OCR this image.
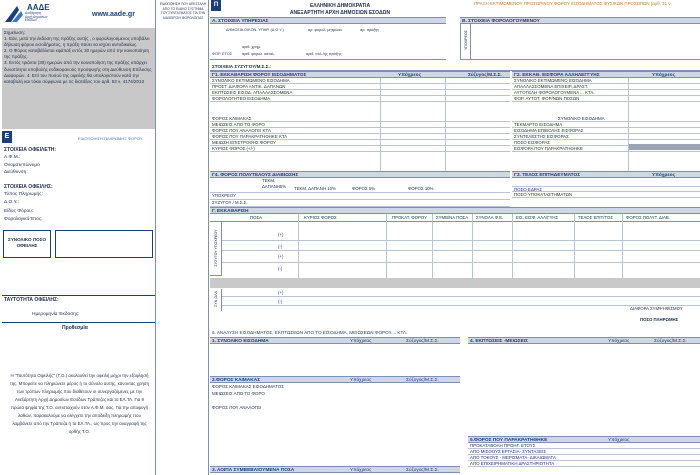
ΑΑΔΕ
Ανεξάρτητη Αρχή Δημοσίων Εσόδων
www.aade.gr
Σημείωση:
1. Εάν, μετά την έκδοση της πράξης αυτής , ο φορολογούμενος υποβάλει δήλωση φόρου εισοδήματος, η πράξη παύει να ισχύει αυτοδικαίως.
2. Ο Φόρος καταβάλλεται εφάπαξ εντός 30 ημερών από την κοινοποίηση της πράξης.
3. Εντός τριάντα (30) ημερών από την κοινοποίηση της πράξης υπάρχει δυνατότητα υποβολής ενδικοφανούς προσφυγής στη Διεύθυνση Επίλυσης Διαφορών. 4. Επί του ποσού της οφειλής θα υπολογιστούν κατά την καταβολή και τόκοι σύμφωνα με τις διατάξεις του αρθ. 53 ν. 4174/2013
Ε	ΕΙΔΟΠΟΙΗΣΗ ΠΛΗΡΩΜΗΣ ΦΟΡΟΥ
ΣΤΟΙΧΕΙΑ ΟΦΕΙΛΕΤΗ:
Α.Φ.Μ.:
Ονοματεπώνυμο
Διεύθυνση:
ΣΤΟΙΧΕΙΑ ΟΦΕΙΛΗΣ:
Τύπος Πληρωμής:
Δ.Ο.Υ.:
Είδος Φόρου:
Φορολογικό Έτος:
ΣΥΝΟΛΙΚΟ ΠΟΣΟ ΟΦΕΙΛΗΣ
ΤΑΥΤΟΤΗΤΑ ΟΦΕΙΛΗΣ:
Ημερομηνία Έκδοσης:
Προθεσμία
Η "Ταυτότητα Οφειλής" (Τ.Ο.) ακολουθεί την οφειλή μέχρι την εξόφλησή της. Μπορείτε να πληρώνετε μέρος ή το σύνολο αυτής, κάνοντας χρήση των τρόπων πληρωμής που διαθέτουν οι συνεργαζόμενες με την Ανεξάρτητη Αρχή Δημοσίων Εσόδων Τράπεζες και τα ΕΛ.ΤΑ. Για 9 πρώτα ψηφία της Τ.Ο. αντιστοιχούν στον Α.Φ.Μ. σας. Για την αποφυγή λαθών, παρακαλούμε να ελέγχετε την αποδείξη πληρωμής που λαμβάνετε από την Τράπεζα ή τα ΕΛ.ΤΑ., ως προς την αναγραφή της ορθής Τ.Ο.
ΕΙΔΟΠΟΙΗΣΗ ΠΟΥ ΑΠΕΣΤΑΛΗ ΑΠΟ ΤΟ ΕΙΔΙΚΟ ΣΥΣΤΗΜΑ ΤΟΥ ΣΥΝΤΑΓΜΑΤΟΣ ΓΙΑ ΤΗΝ ΔΙΑΧΕΙΡΙΣΗ ΦΟΡΟΛΟΓΙΑΣ
Π	ΕΛΛΗΝΙΚΗ ΔΗΜΟΚΡΑΤΙΑ
ΑΝΕΞΑΡΤΗΤΗ ΑΡΧΗ ΔΗΜΟΣΙΩΝ ΕΣΟΔΩΝ
ΠΡΑΞΗ ΕΚΤΙΜΩΜΕΝΟΥ ΠΡΟΣΩΡΙΝΟΥ ΦΟΡΟΥ ΕΙΣΟΔΗΜΑΤΟΣ ΦΥΣΙΚΩΝ ΠΡΟΣΩΠΩΝ (αρθ. 31 ν.
Α. ΣΤΟΙΧΕΙΑ ΥΠΗΡΕΣΙΑΣ
ΔΗΜΟΣΙΑ ΟΙΚΟΝ. ΥΠΗΡ. (Δ.Ο.Υ.)	αρ. φορολ. μητρώου	αρ. πράξης
αριθ. χρηµ.
ΦΟΡ. ΕΤΟΣ	αριθ. φορολ. καταλ.	αριθ. σύλ./ης πράξης
Β. ΣΤΟΙΧΕΙΑ ΦΟΡΟΛΟΓΟΥΜΕΝΟΥ
ΥΠΟΧΡΕΟΣ
ΣΤΟΙΧΕΙΑ ΣΥΖΥΓΟΥ/Μ.Σ.Σ.:
Γ1. ΕΚΚΑΘΑΡΙΣΗ ΦΟΡΟΥ ΕΙΣΟΔΗΜΑΤΟΣ	Υπόχρεος	Σύζυγος/Μ.Σ.Σ.
ΣΥΝΟΛΙΚΟ ΕΚΤΙΜΩΜΕΝΟ ΕΙΣΟΔΗΜΑ
ΠΡΟΣΤ. ΔΙΑΦΟΡΑ ΑΝΤΙΚ. ΔΑΠΑΝΩΝ
ΕΚΠΤΩΣΕΙΣ ΕΙΣΟΔ. ΑΠΑΛΛΑΣΣΟΜΕΝΑ
ΦΟΡΟΛΟΓΗΤΕΟ ΕΙΣΟΔΗΜΑ
ΦΟΡΟΣ ΚΛΙΜΑΚΑΣ
ΜΕΙΩΣΕΙΣ ΑΠΟ ΤΟ ΦΟΡΟ
ΦΟΡΟΣ ΠΟΥ ΑΝΑΛΟΓΕΙ ΚΤΛ
ΦΟΡΟΣ ΠΟΥ ΠΑΡΑΚΡΑΤΗΘΗΚΕ ΚΤΛ
ΜΕΙΩΣΗ ΕΠΙΣΤΡΟΦΗΣ ΦΟΡΟΥ
ΚΥΡΙΟΣ ΦΟΡΟΣ (+/-)
Γ2. ΕΚΚΑΘ. ΕΙΣΦΟΡΑ ΑΛΛΗΛΕΓΓΥΗΣ	Υπόχρεος
ΣΥΝΟΛΙΚΟ ΕΚΤΙΜΩΜΕΝΟ ΕΙΣΟΔΗΜΑ
ΑΠΑΛΛΑΣΣΟΜΕΝΑ ΕΠΙΧΕΙΡ.,ΔΡΑΣΤ.
ΑΥΤΟΤΕΛΗ ΦΟΡΟΛΟΓΟΥΜΕΝΑ ... ΚΤΛ.
ΦΟΡ. ΑΥΤΟΤ. ΦΟΡ/ΝΩΝ ΠΟΣΩΝ
ΣΥΝΟΛΙΚΟ ΕΙΣΟΔΗΜΑ
ΤΕΚΜΑΡΤΟ ΕΙΣΟΔΗΜΑ
ΕΙΣΟΔΗΜΑ ΕΠΙΒΟΛΗΣ ΕΙΣΦΟΡΑΣ
ΣΥΝΤΕΛΕΣΤΗΣ ΕΙΣΦΟΡΑΣ
ΠΟΣΟ ΕΙΣΦΟΡΑΣ
ΕΙΣΦΟΡΑ ΠΟΥ ΠΑΡΑΚΡΑΤΗΘΗΚΕ
Γ4. ΦΟΡΟΣ ΠΟΛΥΤΕΛΟΥΣ ΔΙΑΒΙΩΣΗΣ
ΤΕΚΜ. ΔΑΠΑΝΗ5%	ΤΕΚΜ. ΔΑΠΑΝΗ 10%	ΦΟΡΟΣ 5%	ΦΟΡΟΣ 10%
ΥΠΟΧΡΕΟΥ
ΣΥΖΥΓΟΥ / Μ.Σ.Σ.
Γ3. ΤΕΛΟΣ ΕΠΙΤΗΔΕΥΜΑΤΟΣ	Υπόχρεος
ΠΟΣΟ ΕΔΡΑΣ
ΠΟΣΟ ΥΠΟΚΑΤΑΣΤΗΜΑΤΩΝ
Γ. ΕΚΚΑΘΑΡΙΣΗ
ΠΟΣΑ	ΚΥΡΙΟΣ ΦΟΡΟΣ	ΠΡΟΚΑΤ. ΦΟΡΟΥ ΣΥΜΒ/ΝΑ ΠΟΣΑ ΣΥΝΟΛΑ Φ.Ε.	ΕΙΣ. ΕΙΣΦ. ΑΛΛ/ΓΥΗΣ	ΤΕΛΟΣ ΕΠΙΤ/ΤΟΣ	ΦΟΡΟΣ ΠΟΛΥΤ. ΔΙΑΒ.
ΣΥΖΥΓΟΥ ΥΠΟΧΡΕΟΥ	(+)
(-)
(+)
(-)
ΣΥΝ ΟΛΑ	(+)
(-)
ΔΙΑΦΟΡΑ ΣΥΜΨΗΦΙΣΜΟΥ
ΠΟΣΟ ΠΛΗΡΩΜΗΣ
6. ΑΝΑΛΥΣΗ ΕΙΣΟΔΗΜΑΤΟΣ, ΕΚΠΤΩΣΕΩΝ ΑΠΟ ΤΟ ΕΙΣΟΔΗΜΑ, ΜΕΙΩΣΕΩΝ ΦΟΡΟΥ.... ΚΤΛ.
1. ΣΥΝΟΛΙΚΟ ΕΙΣΟΔΗΜΑ	Υπόχρεος	Σύζυγος/Μ.Σ.Σ.	4. ΕΚΠΤΩΣΕΙΣ -ΜΕΙΩΣΕΙΣ	Υπόχρεος	Σύζυγος/Μ.Σ.Σ.
2.ΦΟΡΟΣ ΚΛΙΜΑΚΑΣ	Υπόχρεος	Σύζυγος/Μ.Σ.Σ.
ΦΟΡΟΣ ΚΛΙΜΑΚΑΣ ΕΙΣΟΔΗΜΑΤΟΣ
ΜΕΙΩΣΕΙΣ ΑΠΟ ΤΟ ΦΟΡΟ
ΦΟΡΟΣ ΠΟΥ ΑΝΑΛΟΓΕΙ
3. ΛΟΙΠΑ ΣΥΜΒΕΒΑΙΟΥΜΕΝΑ ΠΟΣΑ	Υπόχρεος	Σύζυγος/Μ.Σ.Σ.
5.ΦΟΡΟΣ ΠΟΥ ΠΑΡΑΚΡΑΤΗΘΗΚΕ	Υπόχρεος
ΠΡΟΚΑΤΑΒΟΛΗ ΠΡΟΗΓ. ΕΤΟΥΣ
ΑΠΟ ΜΙΣΘΟΥΣ ΕΡΓΑΣΙΑ- ΣΥΝΤΑΞΕΙΣ
ΑΠΟ ΤΟΚΟΥΣ - ΜΕΡΙΣΜΑΤΑ- ΔΙΚΑΙΩΜΑΤΑ
ΑΠΟ ΕΠΙΧΕΙΡΗΜΑΤΙΚΗ ΔΡΑΣΤΗΡΙΟΤΗΤΑ
